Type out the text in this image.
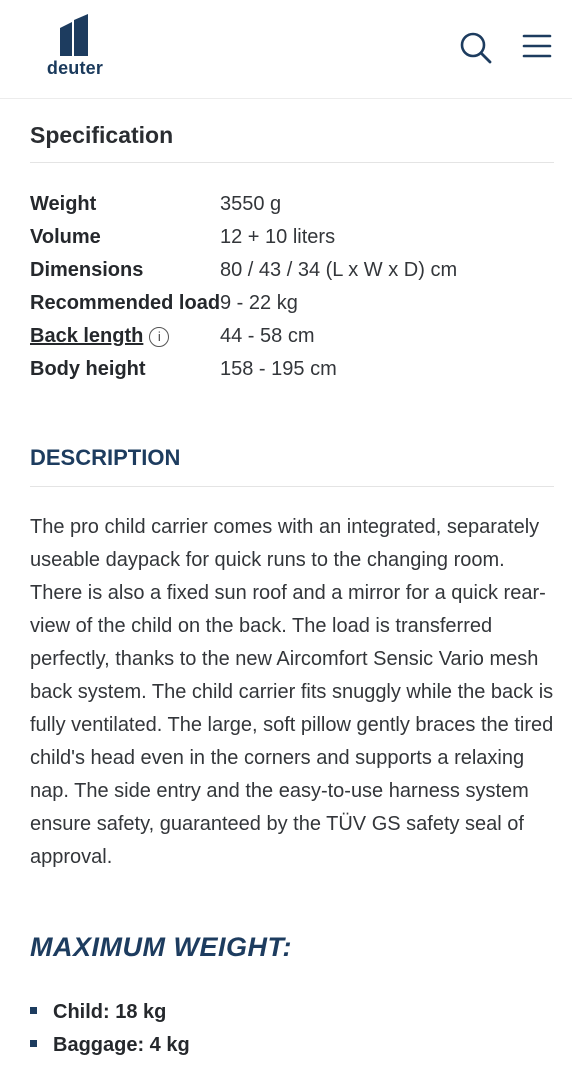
deuter
Specification
Weight	3550 g
Volume	12 + 10 liters
Dimensions	80 / 43 / 34 (L x W x D) cm
Recommended load 9 - 22 kg
Back length i	44 - 58 cm
Body height	158 - 195 cm
DESCRIPTION
The pro child carrier comes with an integrated, separately useable daypack for quick runs to the changing room. There is also a fixed sun roof and a mirror for a quick rear-view of the child on the back. The load is transferred perfectly, thanks to the new Aircomfort Sensic Vario mesh back system. The child carrier fits snuggly while the back is fully ventilated. The large, soft pillow gently braces the tired child's head even in the corners and supports a relaxing nap. The side entry and the easy-to-use harness system ensure safety, guaranteed by the TÜV GS safety seal of approval.
MAXIMUM WEIGHT:
Child: 18 kg
Baggage: 4 kg
